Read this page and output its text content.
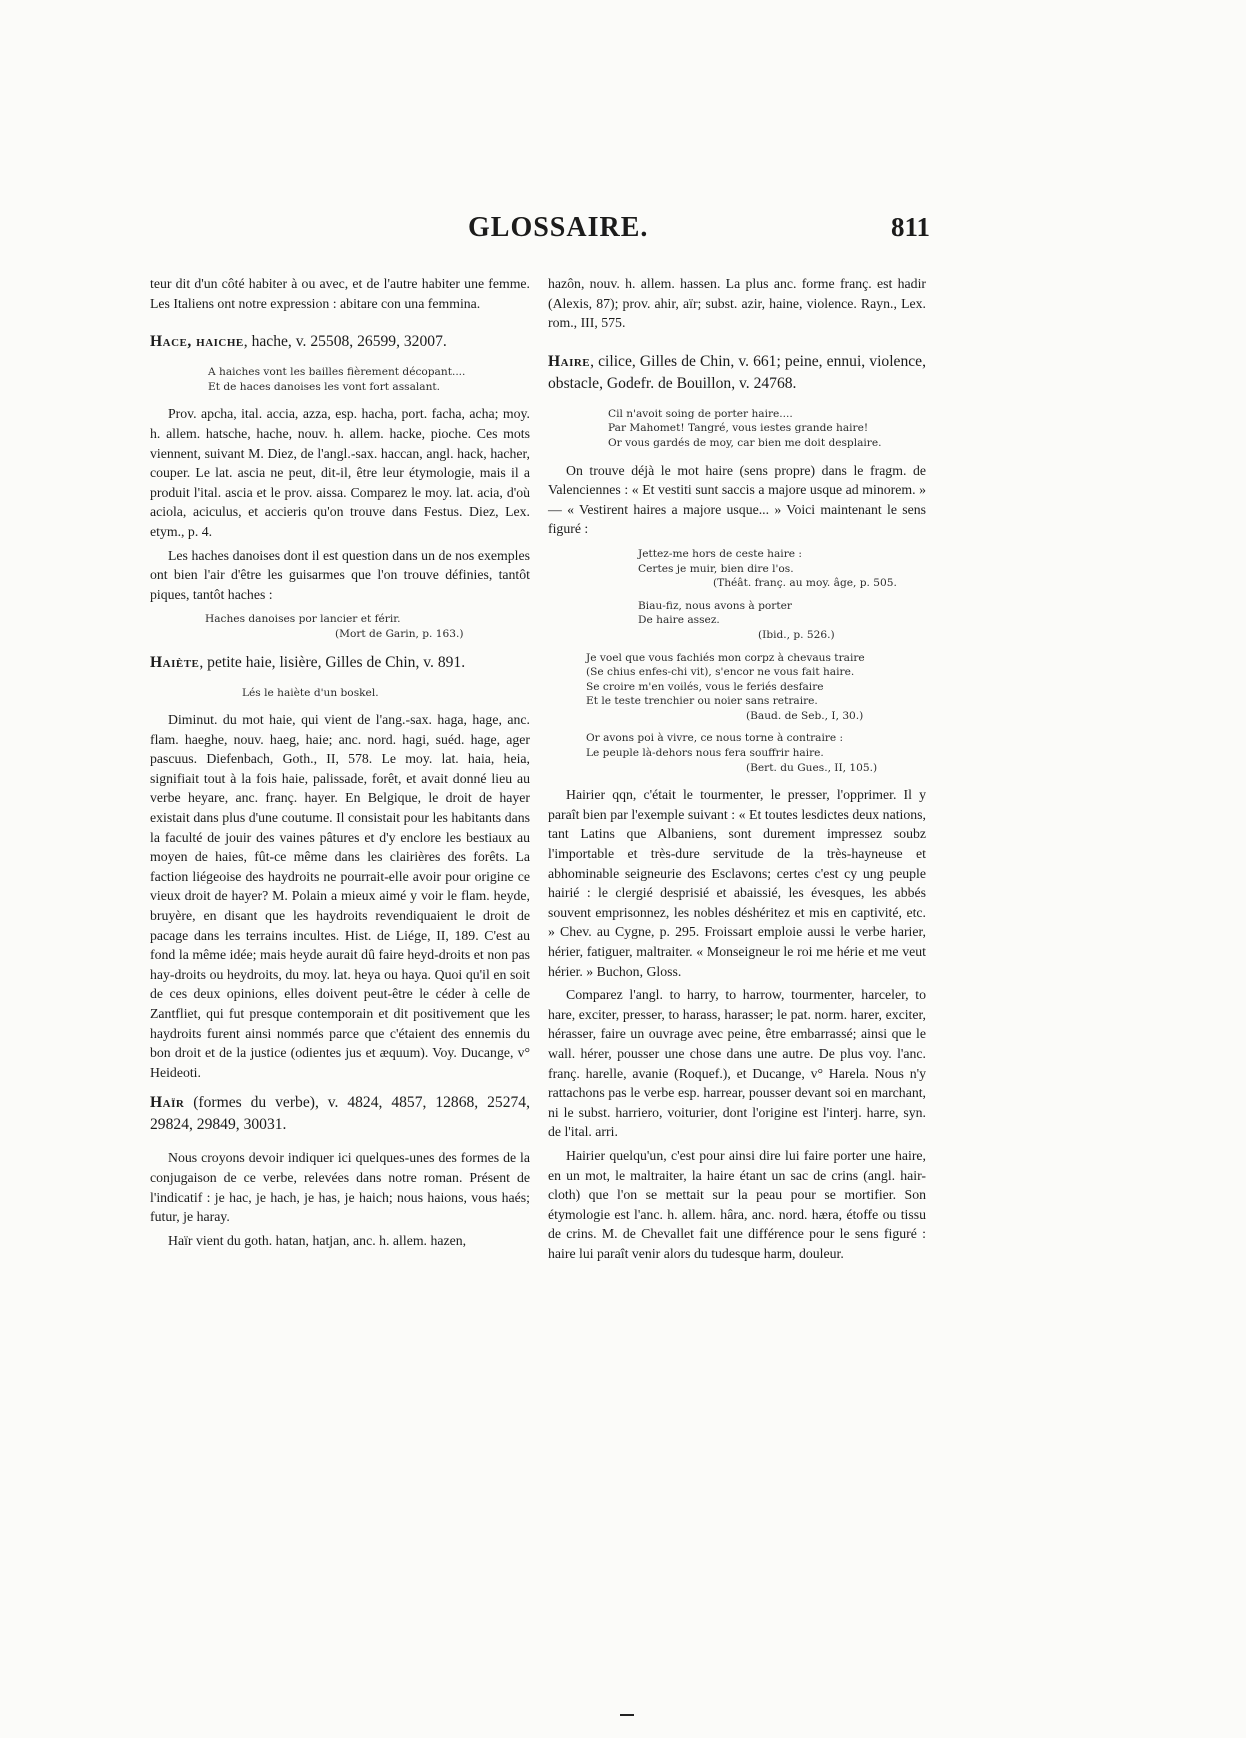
GLOSSAIRE.	811

teur dit d'un côté habiter à ou avec, et de l'autre habiter une femme. Les Italiens ont notre expression : abitare con una femmina.

Hace, haiche, hache, v. 25508, 26599, 32007.
A haiches vont les bailles fièrement décopant....
Et de haces danoises les vont fort assalant.

Prov. apcha, ital. accia, azza, esp. hacha, port. facha, acha; moy. h. allem. hatsche, hache, nouv. h. allem. hacke, pioche. Ces mots viennent, suivant M. Diez, de l'angl.-sax. haccan, angl. hack, hacher, couper. Le lat. ascia ne peut, dit-il, être leur étymologie, mais il a produit l'ital. ascia et le prov. aissa. Comparez le moy. lat. acia, d'où aciola, aciculus, et accieris qu'on trouve dans Festus. Diez, Lex. etym., p. 4.

Les haches danoises dont il est question dans un de nos exemples ont bien l'air d'être les guisarmes que l'on trouve définies, tantôt piques, tantôt haches :

Haches danoises por lancier et férir.
(Mort de Garin, p. 163.)
Haiète, petite haie, lisière, Gilles de Chin, v. 891.
Lés le haiète d'un boskel.

Diminut. du mot haie, qui vient de l'ang.-sax. haga, hage, anc. flam. haeghe, nouv. haeg, haie; anc. nord. hagi, suéd. hage, ager pascuus. Diefenbach, Goth., II, 578. Le moy. lat. haia, heia, signifiait tout à la fois haie, palissade, forêt, et avait donné lieu au verbe heyare, anc. franç. hayer. En Belgique, le droit de hayer existait dans plus d'une coutume. Il consistait pour les habitants dans la faculté de jouir des vaines pâtures et d'y enclore les bestiaux au moyen de haies, fût-ce même dans les clairières des forêts. La faction liégeoise des haydroits ne pourrait-elle avoir pour origine ce vieux droit de hayer? M. Polain a mieux aimé y voir le flam. heyde, bruyère, en disant que les haydroits revendiquaient le droit de pacage dans les terrains incultes. Hist. de Liége, II, 189. C'est au fond la même idée; mais heyde aurait dû faire heyd-droits et non pas hay-droits ou heydroits, du moy. lat. heya ou haya. Quoi qu'il en soit de ces deux opinions, elles doivent peut-être le céder à celle de Zantfliet, qui fut presque contemporain et dit positivement que les haydroits furent ainsi nommés parce que c'étaient des ennemis du bon droit et de la justice (odientes jus et æquum). Voy. Ducange, v° Heideoti.

Haïr (formes du verbe), v. 4824, 4857, 12868, 25274, 29824, 29849, 30031.

Nous croyons devoir indiquer ici quelques-unes des formes de la conjugaison de ce verbe, relevées dans notre roman. Présent de l'indicatif : je hac, je hach, je has, je haich; nous haions, vous haés; futur, je haray.

Haïr vient du goth. hatan, hatjan, anc. h. allem. hazen,

hazôn, nouv. h. allem. hassen. La plus anc. forme franç. est hadir (Alexis, 87); prov. ahir, aïr; subst. azir, haine, violence. Rayn., Lex. rom., III, 575.

Haire, cilice, Gilles de Chin, v. 661; peine, ennui, violence, obstacle, Godefr. de Bouillon, v. 24768.
Cil n'avoit soing de porter haire....
Par Mahomet! Tangré, vous iestes grande haire!
Or vous gardés de moy, car bien me doit desplaire.

On trouve déjà le mot haire (sens propre) dans le fragm. de Valenciennes : « Et vestiti sunt saccis a majore usque ad minorem. » — « Vestirent haires a majore usque... » Voici maintenant le sens figuré :

Jettez-me hors de ceste haire :
Certes je muir, bien dire l'os.
(Théât. franç. au moy. âge, p. 505.
Biau-fiz, nous avons à porter
De haire assez.
(Ibid., p. 526.)
Je voel que vous fachiés mon corpz à chevaus traire
(Se chius enfes-chi vit), s'encor ne vous fait haire.
Se croire m'en voilés, vous le feriés desfaire
Et le teste trenchier ou noier sans retraire.
(Baud. de Seb., I, 30.)
Or avons poi à vivre, ce nous torne à contraire :
Le peuple là-dehors nous fera souffrir haire.
(Bert. du Gues., II, 105.)

Hairier qqn, c'était le tourmenter, le presser, l'opprimer. Il y paraît bien par l'exemple suivant : « Et toutes lesdictes deux nations, tant Latins que Albaniens, sont durement impressez soubz l'importable et très-dure servitude de la très-hayneuse et abhominable seigneurie des Esclavons; certes c'est cy ung peuple hairié : le clergié desprisié et abaissié, les évesques, les abbés souvent emprisonnez, les nobles déshéritez et mis en captivité, etc. » Chev. au Cygne, p. 295. Froissart emploie aussi le verbe harier, hérier, fatiguer, maltraiter. « Monseigneur le roi me hérie et me veut hérier. » Buchon, Gloss.

Comparez l'angl. to harry, to harrow, tourmenter, harceler, to hare, exciter, presser, to harass, harasser; le pat. norm. harer, exciter, hérasser, faire un ouvrage avec peine, être embarrassé; ainsi que le wall. hérer, pousser une chose dans une autre. De plus voy. l'anc. franç. harelle, avanie (Roquef.), et Ducange, v° Harela. Nous n'y rattachons pas le verbe esp. harrear, pousser devant soi en marchant, ni le subst. harriero, voiturier, dont l'origine est l'interj. harre, syn. de l'ital. arri.

Hairier quelqu'un, c'est pour ainsi dire lui faire porter une haire, en un mot, le maltraiter, la haire étant un sac de crins (angl. hair-cloth) que l'on se mettait sur la peau pour se mortifier. Son étymologie est l'anc. h. allem. hâra, anc. nord. hæra, étoffe ou tissu de crins. M. de Chevallet fait une différence pour le sens figuré : haire lui paraît venir alors du tudesque harm, douleur.
